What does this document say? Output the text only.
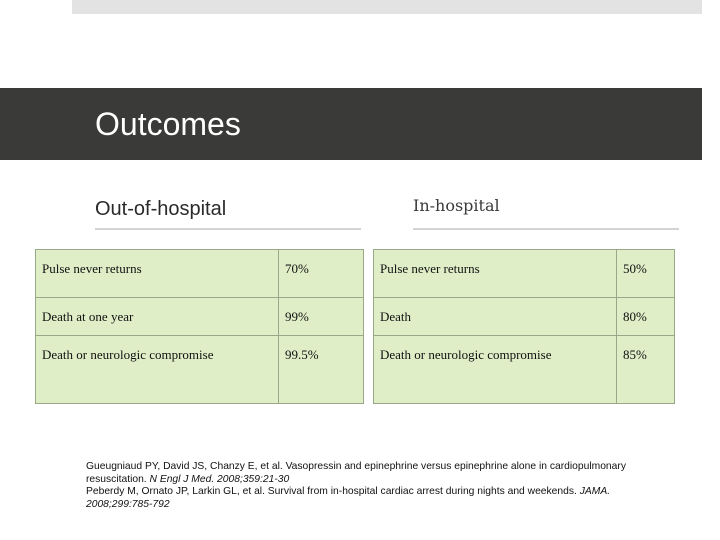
Outcomes
Out-of-hospital	In-hospital
Pulse never returns	70%
Death at one year	99%
Death or neurologic compromise	99.5%
Pulse never returns	50%
Death	80%
Death or neurologic compromise	85%
Gueugniaud PY, David JS, Chanzy E, et al. Vasopressin and epinephrine versus epinephrine alone in cardiopulmonary resuscitation. N Engl J Med. 2008;359:21-30
Peberdy M, Ornato JP, Larkin GL, et al. Survival from in-hospital cardiac arrest during nights and weekends. JAMA. 2008;299:785-792
